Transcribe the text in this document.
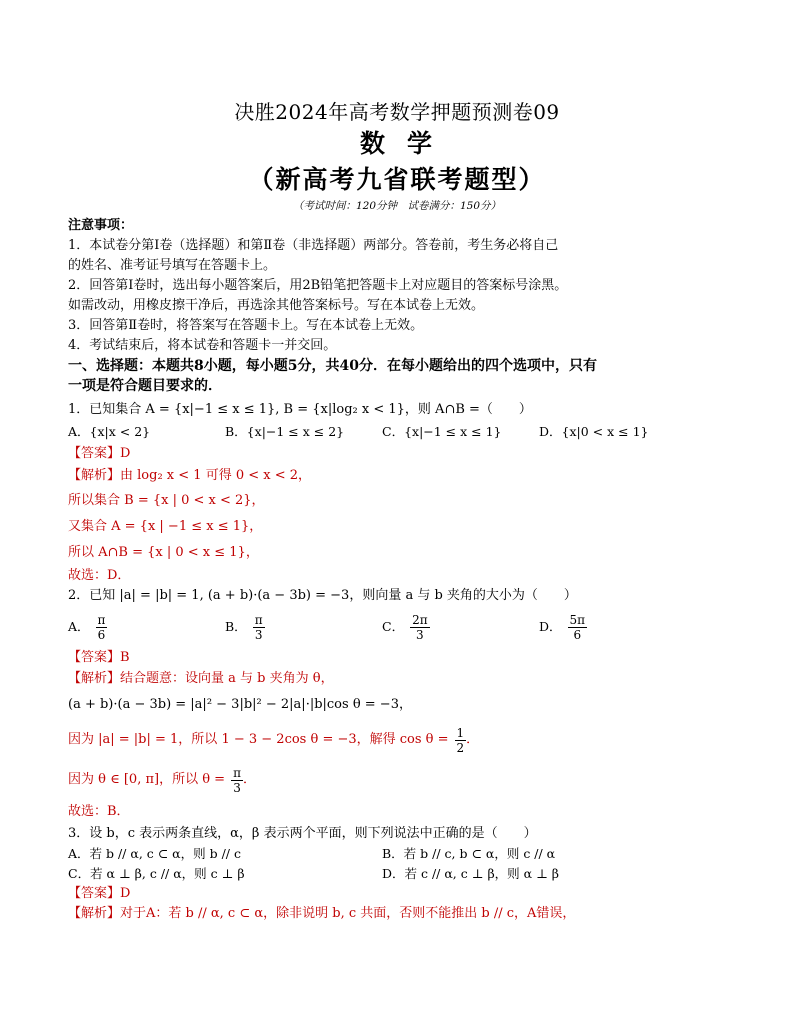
决胜2024年高考数学押题预测卷09
数学
（新高考九省联考题型）
（考试时间：120分钟　试卷满分：150分）
注意事项：
1．本试卷分第Ⅰ卷（选择题）和第Ⅱ卷（非选择题）两部分。答卷前，考生务必将自己
的姓名、准考证号填写在答题卡上。
2．回答第Ⅰ卷时，选出每小题答案后，用2B铅笔把答题卡上对应题目的答案标号涂黑。
如需改动，用橡皮擦干净后，再选涂其他答案标号。写在本试卷上无效。
3．回答第Ⅱ卷时，将答案写在答题卡上。写在本试卷上无效。
4．考试结束后，将本试卷和答题卡一并交回。
一、选择题：本题共8小题，每小题5分，共40分．在每小题给出的四个选项中，只有
一项是符合题目要求的．
1．已知集合 A = {x|−1 ≤ x ≤ 1}, B = {x|log₂ x < 1}，则 A∩B =（　　）
A．{x|x < 2}	B．{x|−1 ≤ x ≤ 2}	C．{x|−1 ≤ x ≤ 1}	D．{x|0 < x ≤ 1}
【答案】D
【解析】由 log₂ x < 1 可得 0 < x < 2，
所以集合 B = {x | 0 < x < 2}，
又集合 A = {x | −1 ≤ x ≤ 1}，
所以 A∩B = {x | 0 < x ≤ 1}，
故选：D．
2．已知 |a| = |b| = 1, (a + b)·(a − 3b) = −3，则向量 a 与 b 夹角的大小为（　　）
A． $\frac{\pi}{6}$	B． $\frac{\pi}{3}$	C． $\frac{2\pi}{3}$	D． $\frac{5\pi}{6}$
【答案】B
【解析】结合题意：设向量 a 与 b 夹角为 θ，
(a + b)·(a − 3b) = |a|² − 3|b|² − 2|a|·|b|cos θ = −3，
因为 |a| = |b| = 1，所以 1 − 3 − 2cos θ = −3，解得 $\cos \theta = \frac{1}{2}$ ．
因为 θ ∈ [0, π]，所以 $\theta = \frac{\pi}{3}$ ．
故选：B．
3．设 b，c 表示两条直线，α，β 表示两个平面，则下列说法中正确的是（　　）
A．若 b // α, c ⊂ α，则 b // c	B．若 b // c, b ⊂ α，则 c // α
C．若 α ⊥ β, c // α，则 c ⊥ β	D．若 c // α, c ⊥ β，则 α ⊥ β
【答案】D
【解析】对于A：若 b // α, c ⊂ α，除非说明 b, c 共面，否则不能推出 b // c，A错误，
